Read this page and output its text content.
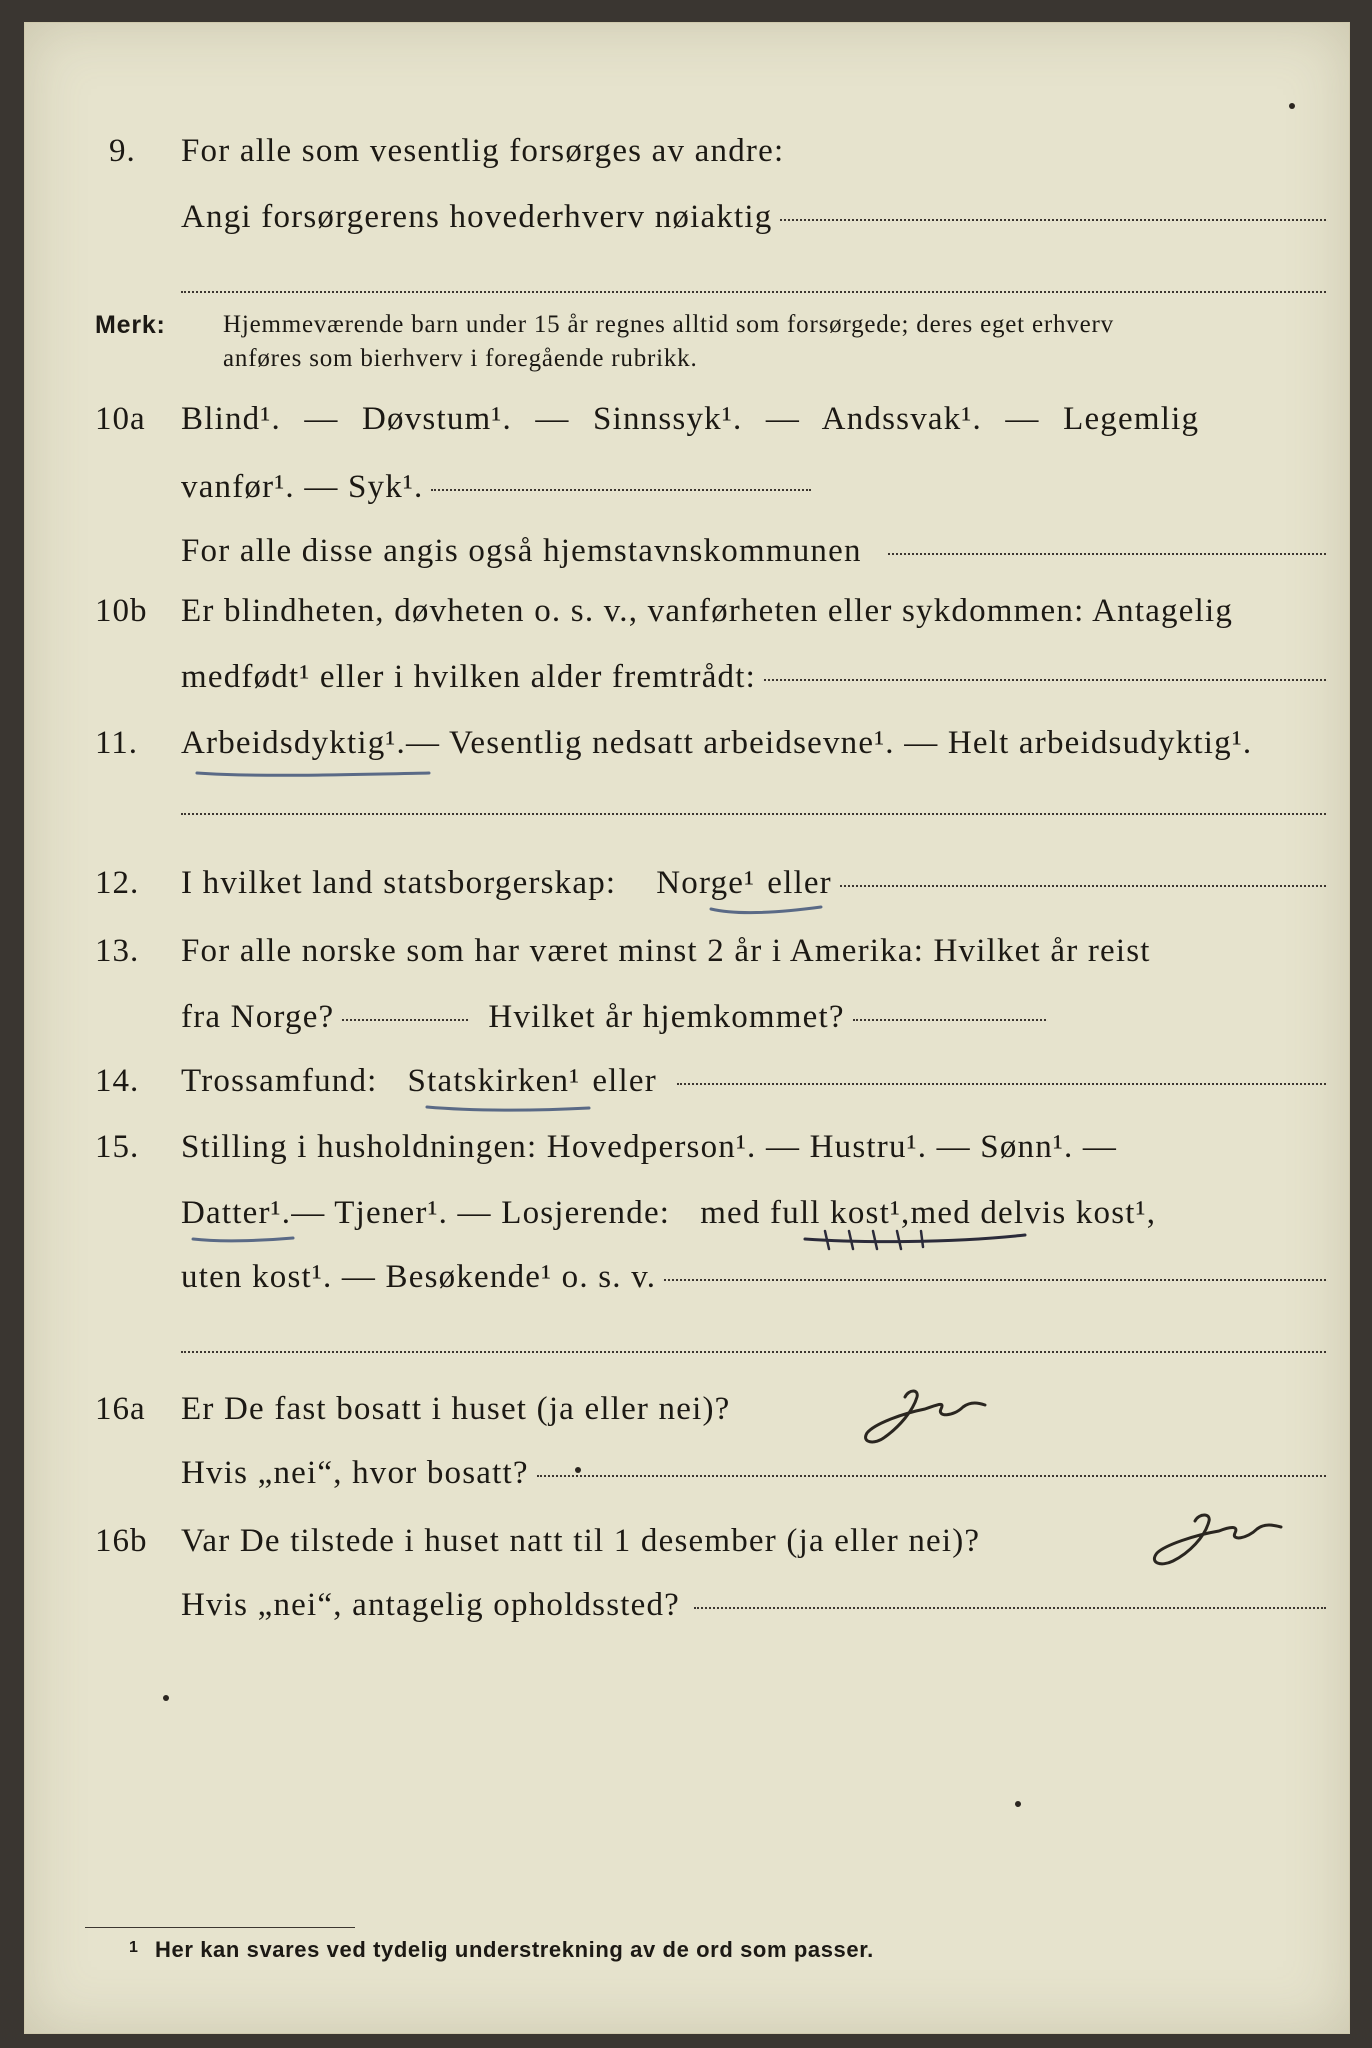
9. For alle som vesentlig forsørges av andre:
Angi forsørgerens hovederhverv nøiaktig
Merk: Hjemmeværende barn under 15 år regnes alltid som forsørgede; deres eget erhverv
anføres som bierhverv i foregående rubrikk.
10a Blind¹. — Døvstum¹. — Sinnssyk¹. — Andssvak¹. — Legemlig
vanfør¹. — Syk¹.
For alle disse angis også hjemstavnskommunen
10b Er blindheten, døvheten o. s. v., vanførheten eller sykdommen: Antagelig
medfødt¹ eller i hvilken alder fremtrådt:
11. Arbeidsdyktig¹. — Vesentlig nedsatt arbeidsevne¹. — Helt arbeidsudyktig¹.
12. I hvilket land statsborgerskap: Norge¹ eller
13. For alle norske som har været minst 2 år i Amerika: Hvilket år reist
fra Norge?	Hvilket år hjemkommet?
14. Trossamfund: Statskirken¹ eller
15. Stilling i husholdningen: Hovedperson¹. — Hustru¹. — Sønn¹. —
Datter¹. — Tjener¹. — Losjerende: med full kost¹, med delvis kost¹,
uten kost¹. — Besøkende¹ o. s. v.
16a Er De fast bosatt i huset (ja eller nei)?
Hvis „nei“, hvor bosatt?
16b Var De tilstede i huset natt til 1 desember (ja eller nei)?
Hvis „nei“, antagelig opholdssted?
1 Her kan svares ved tydelig understrekning av de ord som passer.
